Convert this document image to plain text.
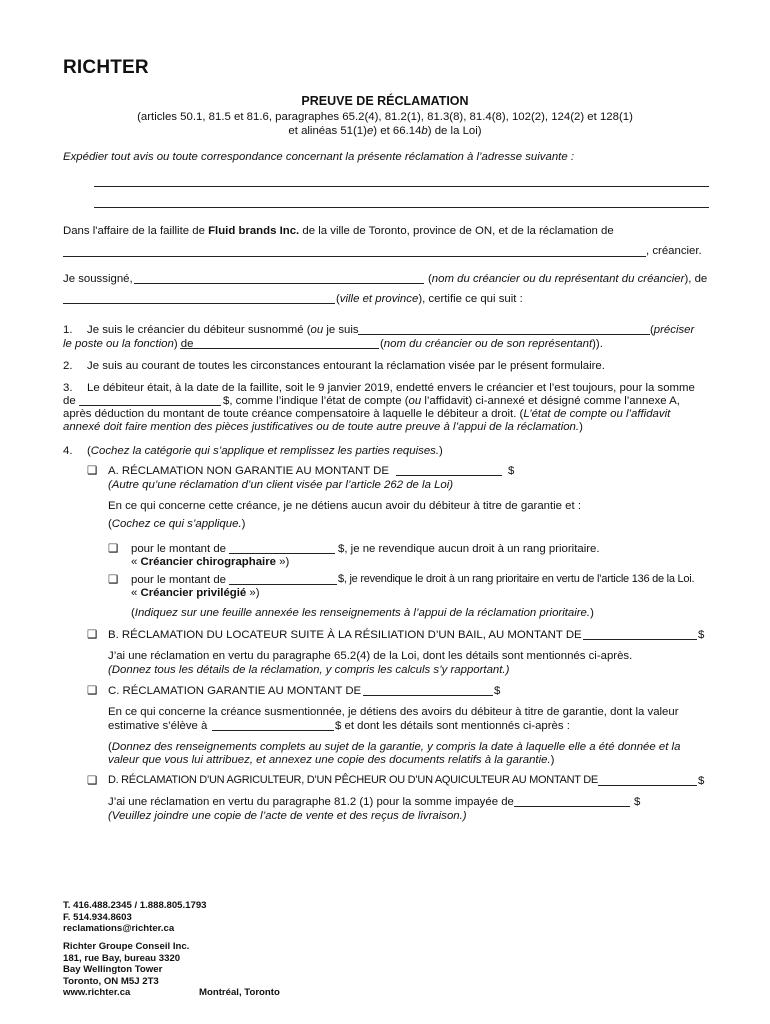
RICHTER
PREUVE DE RÉCLAMATION
(articles 50.1, 81.5 et 81.6, paragraphes 65.2(4), 81.2(1), 81.3(8), 81.4(8), 102(2), 124(2) et 128(1)
et alinéas 51(1)e) et 66.14b) de la Loi)
Expédier tout avis ou toute correspondance concernant la présente réclamation à l’adresse suivante :
Dans l'affaire de la faillite de Fluid brands Inc. de la ville de Toronto, province de ON, et de la réclamation de
, créancier.
Je soussigné,	(nom du créancier ou du représentant du créancier), de
(ville et province), certifie ce qui suit :
1. Je suis le créancier du débiteur susnommé (ou je suis	(préciser
le poste ou la fonction) de	(nom du créancier ou de son représentant)).
2. Je suis au courant de toutes les circonstances entourant la réclamation visée par le présent formulaire.
3. Le débiteur était, à la date de la faillite, soit le 9 janvier 2019, endetté envers le créancier et l’est toujours, pour la somme
de	$, comme l’indique l’état de compte (ou l’affidavit) ci-annexé et désigné comme l’annexe A,
après déduction du montant de toute créance compensatoire à laquelle le débiteur a droit. (L’état de compte ou l’affidavit
annexé doit faire mention des pièces justificatives ou de toute autre preuve à l’appui de la réclamation.)
4. (Cochez la catégorie qui s’applique et remplissez les parties requises.)
❑ A. RÉCLAMATION NON GARANTIE AU MONTANT DE	$
(Autre qu’une réclamation d’un client visée par l’article 262 de la Loi)
En ce qui concerne cette créance, je ne détiens aucun avoir du débiteur à titre de garantie et :
(Cochez ce qui s’applique.)
❑ pour le montant de	$, je ne revendique aucun droit à un rang prioritaire.
« Créancier chirographaire »)
❑ pour le montant de	$, je revendique le droit à un rang prioritaire en vertu de l’article 136 de la Loi.
« Créancier privilégié »)
(Indiquez sur une feuille annexée les renseignements à l’appui de la réclamation prioritaire.)
❑ B. RÉCLAMATION DU LOCATEUR SUITE À LA RÉSILIATION D’UN BAIL, AU MONTANT DE	$
J’ai une réclamation en vertu du paragraphe 65.2(4) de la Loi, dont les détails sont mentionnés ci-après.
(Donnez tous les détails de la réclamation, y compris les calculs s’y rapportant.)
❑ C. RÉCLAMATION GARANTIE AU MONTANT DE	$
En ce qui concerne la créance susmentionnée, je détiens des avoirs du débiteur à titre de garantie, dont la valeur
estimative s’élève à	$ et dont les détails sont mentionnés ci-après :
(Donnez des renseignements complets au sujet de la garantie, y compris la date à laquelle elle a été donnée et la
valeur que vous lui attribuez, et annexez une copie des documents relatifs à la garantie.)
❑ D. RÉCLAMATION D’UN AGRICULTEUR, D’UN PÊCHEUR OU D’UN AQUICULTEUR AU MONTANT DE	$
J’ai une réclamation en vertu du paragraphe 81.2 (1) pour la somme impayée de	$
(Veuillez joindre une copie de l’acte de vente et des reçus de livraison.)
T. 416.488.2345 / 1.888.805.1793
F. 514.934.8603
reclamations@richter.ca
Richter Groupe Conseil Inc.
181, rue Bay, bureau 3320
Bay Wellington Tower
Toronto, ON M5J 2T3
www.richter.ca	Montréal, Toronto
